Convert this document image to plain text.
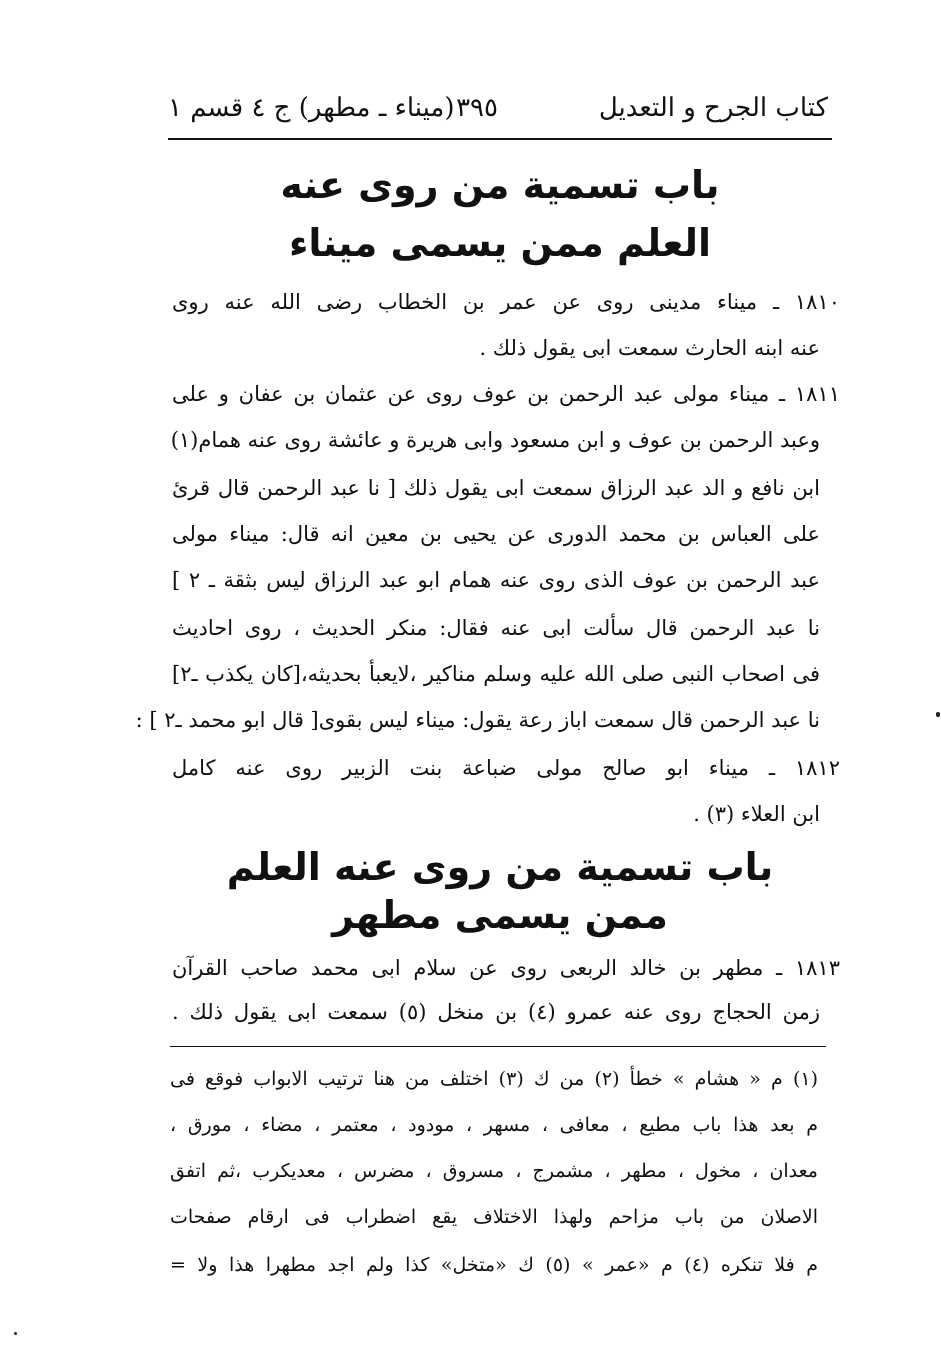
كتاب الجرح و التعديل
٣٩٥
(ميناء ـ مطهر) ج ٤ قسم ١
باب تسمية من روى عنه
العلم ممن يسمى ميناء
١٨١٠ ـ ميناء مدينى روى عن عمر بن الخطاب رضى الله عنه روى
عنه ابنه الحارث سمعت ابى يقول ذلك .
١٨١١ ـ ميناء مولى عبد الرحمن بن عوف روى عن عثمان بن عفان و على
وعبد الرحمن بن عوف و ابن مسعود وابى هريرة و عائشة روى عنه همام(١)
ابن نافع و الد عبد الرزاق سمعت ابى يقول ذلك [ نا عبد الرحمن قال قرئ
على العباس بن محمد الدورى عن يحيى بن معين انه قال: ميناء مولى
عبد الرحمن بن عوف الذى روى عنه همام ابو عبد الرزاق ليس بثقة ـ ٢ ]
نا عبد الرحمن قال سألت ابى عنه فقال: منكر الحديث ، روى احاديث
فى اصحاب النبى صلى الله عليه وسلم مناكير ،لايعبأ بحديثه،[كان يكذب ـ٢]
نا عبد الرحمن قال سمعت اباز رعة يقول: ميناء ليس بقوى[ قال ابو محمد ـ٢ ] :
١٨١٢ ـ ميناء ابو صالح مولى ضباعة بنت الزبير روى عنه كامل
ابن العلاء (٣) .
باب تسمية من روى عنه العلم
ممن يسمى مطهر
١٨١٣ ـ مطهر بن خالد الربعى روى عن سلام ابى محمد صاحب القرآن
زمن الحجاج روى عنه عمرو (٤) بن منخل (٥) سمعت ابى يقول ذلك .
(١) م « هشام » خطأ (٢) من ك (٣) اختلف من هنا ترتيب الابواب فوقع فى
م بعد هذا باب مطيع ، معافى ، مسهر ، مودود ، معتمر ، مضاء ، مورق ،
معدان ، مخول ، مطهر ، مشمرج ، مسروق ، مضرس ، معديكرب ،ثم اتفق
الاصلان من باب مزاحم ولهذا الاختلاف يقع اضطراب فى ارقام صفحات
م فلا تنكره (٤) م «عمر » (٥) ك «متخل» كذا ولم اجد مطهرا هذا ولا =
